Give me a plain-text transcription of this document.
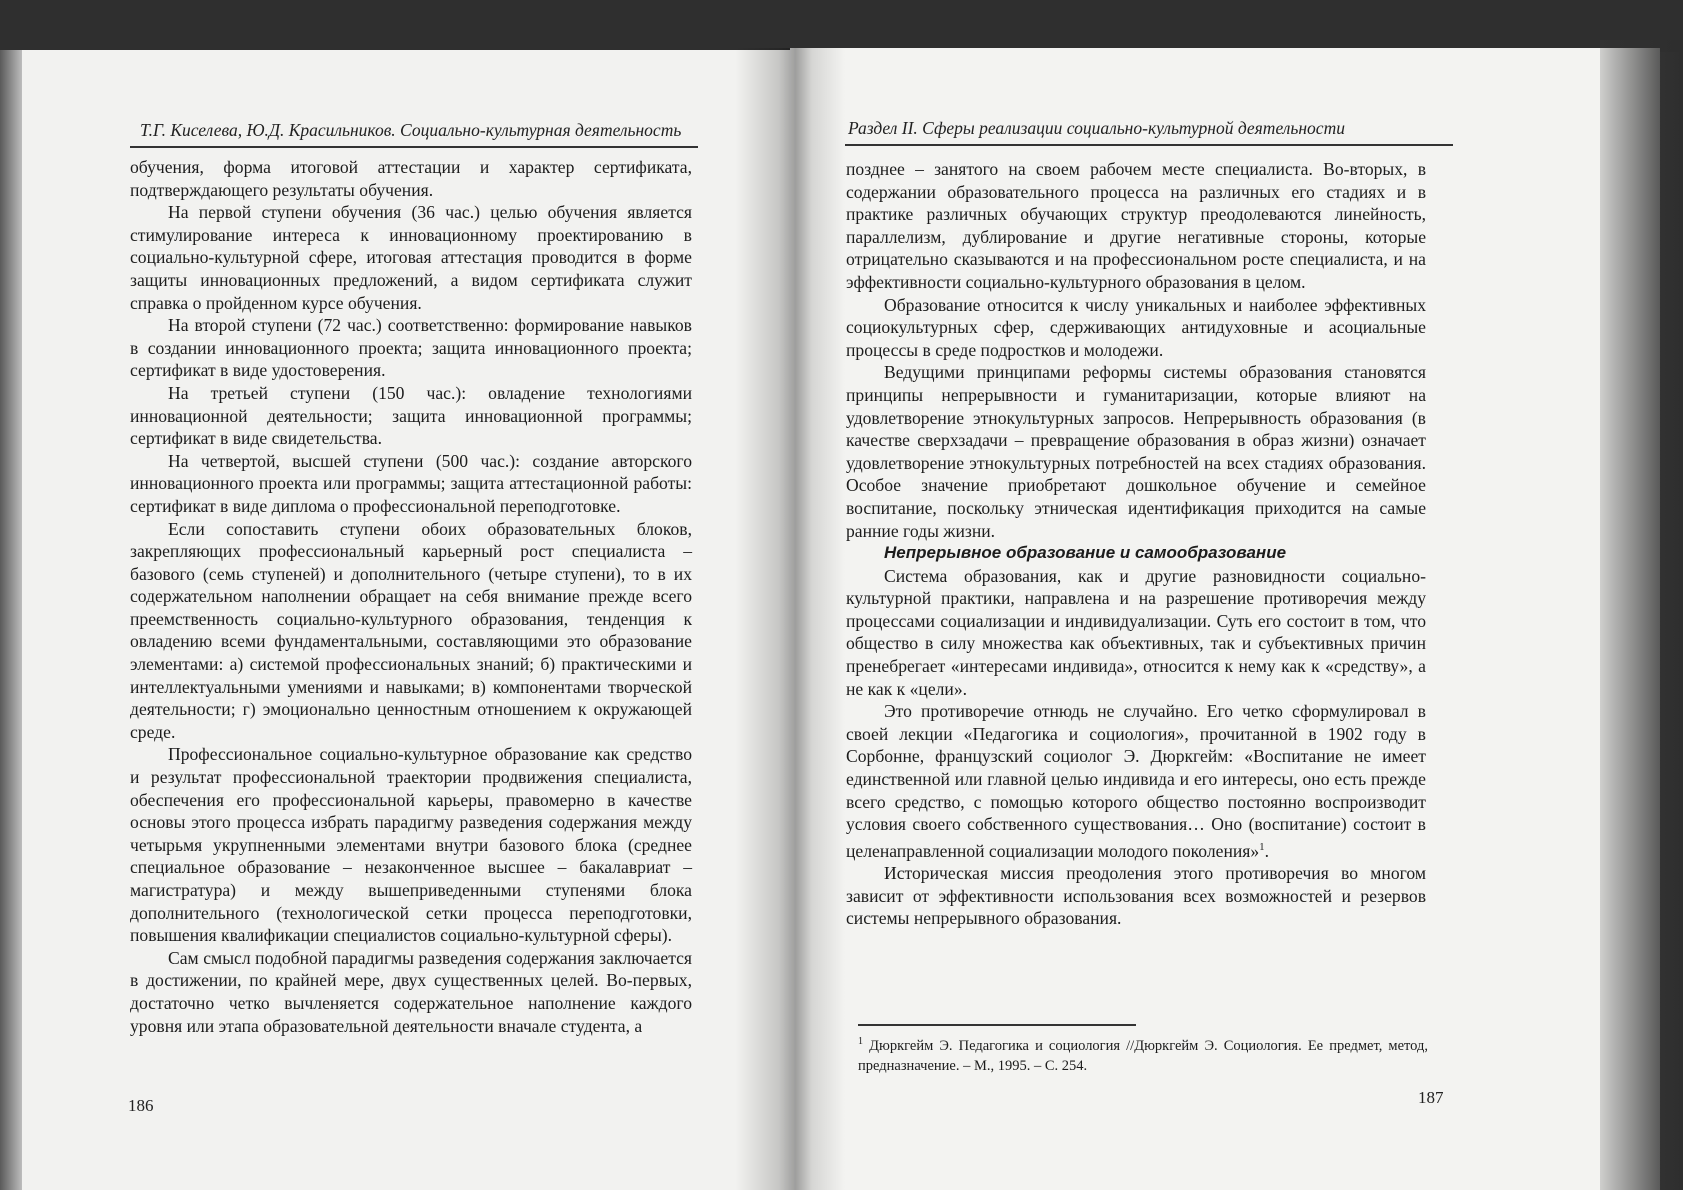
Т.Г. Киселева, Ю.Д. Красильников. Социально-культурная деятельность

обучения, форма итоговой аттестации и характер сертификата, подтверждающего результаты обучения.

На первой ступени обучения (36 час.) целью обучения является стимулирование интереса к инновационному проектированию в социально-культурной сфере, итоговая аттестация проводится в форме защиты инновационных предложений, а видом сертификата служит справка о пройденном курсе обучения.

На второй ступени (72 час.) соответственно: формирование навыков в создании инновационного проекта; защита инновационного проекта; сертификат в виде удостоверения.

На третьей ступени (150 час.): овладение технологиями инновационной деятельности; защита инновационной программы; сертификат в виде свидетельства.

На четвертой, высшей ступени (500 час.): создание авторского инновационного проекта или программы; защита аттестационной работы: сертификат в виде диплома о профессиональной переподготовке.

Если сопоставить ступени обоих образовательных блоков, закрепляющих профессиональный карьерный рост специалиста – базового (семь ступеней) и дополнительного (четыре ступени), то в их содержательном наполнении обращает на себя внимание прежде всего преемственность социально-культурного образования, тенденция к овладению всеми фундаментальными, составляющими это образование элементами: а) системой профессиональных знаний; б) практическими и интеллектуальными умениями и навыками; в) компонентами творческой деятельности; г) эмоционально ценностным отношением к окружающей среде.

Профессиональное социально-культурное образование как средство и результат профессиональной траектории продвижения специалиста, обеспечения его профессиональной карьеры, правомерно в качестве основы этого процесса избрать парадигму разведения содержания между четырьмя укрупненными элементами внутри базового блока (среднее специальное образование – незаконченное высшее – бакалавриат – магистратура) и между вышеприведенными ступенями блока дополнительного (технологической сетки процесса переподготовки, повышения квалификации специалистов социально-культурной сферы).

Сам смысл подобной парадигмы разведения содержания заключается в достижении, по крайней мере, двух существенных целей. Во-первых, достаточно четко вычленяется содержательное наполнение каждого уровня или этапа образовательной деятельности вначале студента, а

186
Раздел II. Сферы реализации социально-культурной деятельности

позднее – занятого на своем рабочем месте специалиста. Во-вторых, в содержании образовательного процесса на различных его стадиях и в практике различных обучающих структур преодолеваются линейность, параллелизм, дублирование и другие негативные стороны, которые отрицательно сказываются и на профессиональном росте специалиста, и на эффективности социально-культурного образования в целом.

Образование относится к числу уникальных и наиболее эффективных социокультурных сфер, сдерживающих антидуховные и асоциальные процессы в среде подростков и молодежи.

Ведущими принципами реформы системы образования становятся принципы непрерывности и гуманитаризации, которые влияют на удовлетворение этнокультурных запросов. Непрерывность образования (в качестве сверхзадачи – превращение образования в образ жизни) означает удовлетворение этнокультурных потребностей на всех стадиях образования. Особое значение приобретают дошкольное обучение и семейное воспитание, поскольку этническая идентификация приходится на самые ранние годы жизни.

Непрерывное образование и самообразование

Система образования, как и другие разновидности социально-культурной практики, направлена и на разрешение противоречия между процессами социализации и индивидуализации. Суть его состоит в том, что общество в силу множества как объективных, так и субъективных причин пренебрегает «интересами индивида», относится к нему как к «средству», а не как к «цели».

Это противоречие отнюдь не случайно. Его четко сформулировал в своей лекции «Педагогика и социология», прочитанной в 1902 году в Сорбонне, французский социолог Э. Дюркгейм: «Воспитание не имеет единственной или главной целью индивида и его интересы, оно есть прежде всего средство, с помощью которого общество постоянно воспроизводит условия своего собственного существования… Оно (воспитание) состоит в целенаправленной социализации молодого поколения»$^1$.

Историческая миссия преодоления этого противоречия во многом зависит от эффективности использования всех возможностей и резервов системы непрерывного образования.

$^1$ Дюркгейм Э. Педагогика и социология //Дюркгейм Э. Социология. Ее предмет, метод, предназначение. – М., 1995. – С. 254.
187
